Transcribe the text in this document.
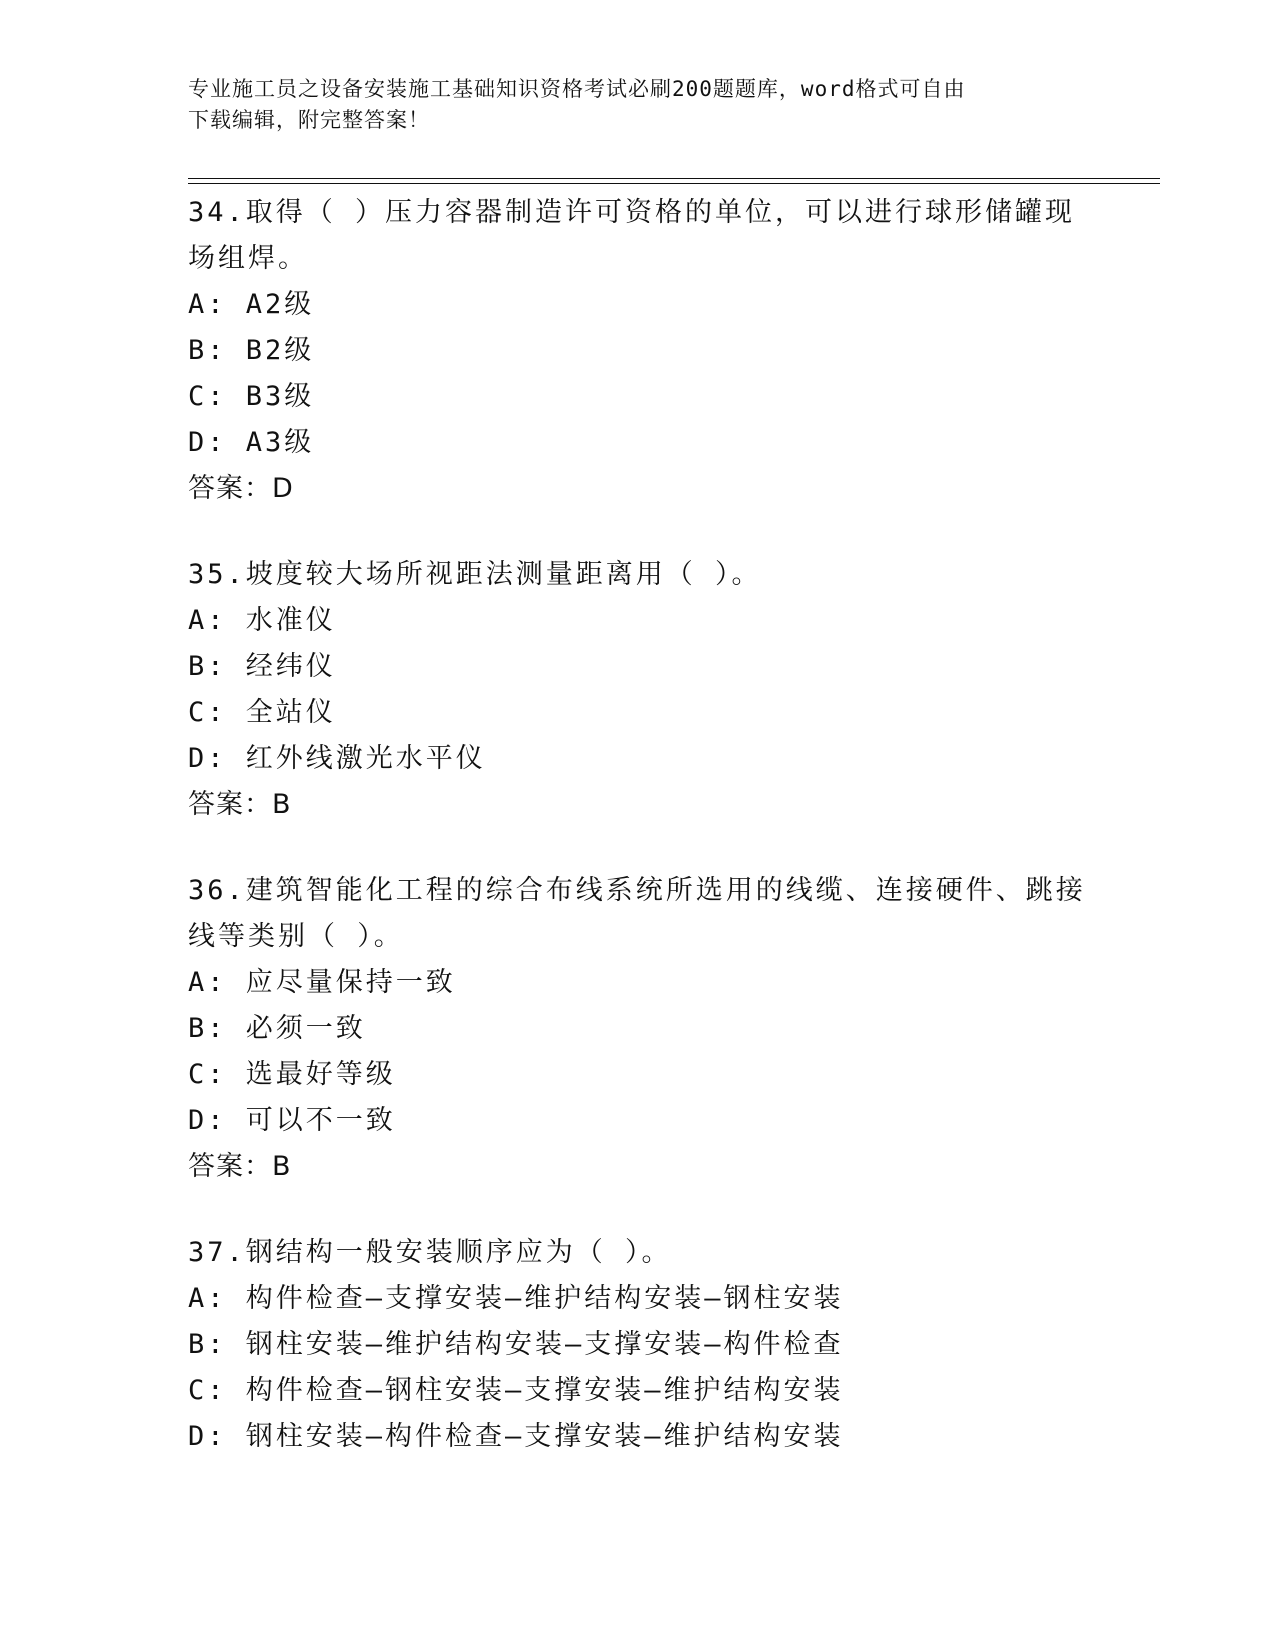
专业施工员之设备安装施工基础知识资格考试必刷200题题库，word格式可自由
下载编辑，附完整答案！

34.取得（ ）压力容器制造许可资格的单位，可以进行球形储罐现场组焊。

A: A2级
B: B2级
C: B3级
D: A3级

答案：D

35.坡度较大场所视距法测量距离用（ ）。

A: 水准仪
B: 经纬仪
C: 全站仪
D: 红外线激光水平仪

答案：B

36.建筑智能化工程的综合布线系统所选用的线缆、连接硬件、跳接线等类别（ ）。

A: 应尽量保持一致
B: 必须一致
C: 选最好等级
D: 可以不一致

答案：B

37.钢结构一般安装顺序应为（ ）。

A: 构件检查—支撑安装—维护结构安装—钢柱安装
B: 钢柱安装—维护结构安装—支撑安装—构件检查
C: 构件检查—钢柱安装—支撑安装—维护结构安装
D: 钢柱安装—构件检查—支撑安装—维护结构安装
